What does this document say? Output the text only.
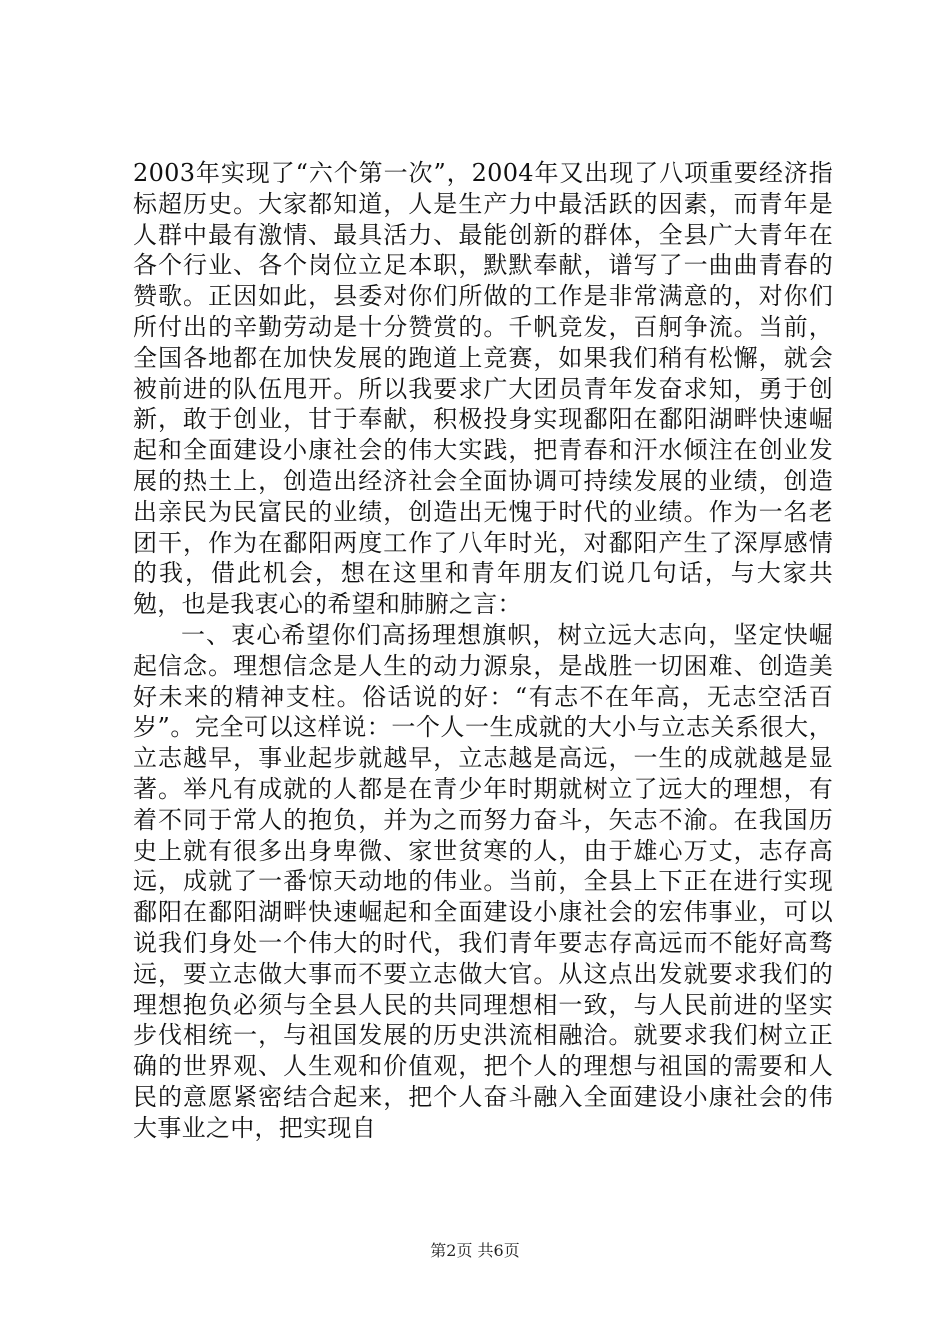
2003年实现了“六个第一次”，2004年又出现了八项重要经济指标超历史。大家都知道，人是生产力中最活跃的因素，而青年是人群中最有激情、最具活力、最能创新的群体，全县广大青年在各个行业、各个岗位立足本职，默默奉献，谱写了一曲曲青春的赞歌。正因如此，县委对你们所做的工作是非常满意的，对你们所付出的辛勤劳动是十分赞赏的。千帆竞发，百舸争流。当前，全国各地都在加快发展的跑道上竞赛，如果我们稍有松懈，就会被前进的队伍甩开。所以我要求广大团员青年发奋求知，勇于创新，敢于创业，甘于奉献，积极投身实现鄱阳在鄱阳湖畔快速崛起和全面建设小康社会的伟大实践，把青春和汗水倾注在创业发展的热土上，创造出经济社会全面协调可持续发展的业绩，创造出亲民为民富民的业绩，创造出无愧于时代的业绩。作为一名老团干，作为在鄱阳两度工作了八年时光，对鄱阳产生了深厚感情的我，借此机会，想在这里和青年朋友们说几句话，与大家共勉，也是我衷心的希望和肺腑之言：

一、衷心希望你们高扬理想旗帜，树立远大志向，坚定快崛起信念。理想信念是人生的动力源泉，是战胜一切困难、创造美好未来的精神支柱。俗话说的好：“有志不在年高，无志空活百岁”。完全可以这样说：一个人一生成就的大小与立志关系很大，立志越早，事业起步就越早，立志越是高远，一生的成就越是显著。举凡有成就的人都是在青少年时期就树立了远大的理想，有着不同于常人的抱负，并为之而努力奋斗，矢志不渝。在我国历史上就有很多出身卑微、家世贫寒的人，由于雄心万丈，志存高远，成就了一番惊天动地的伟业。当前，全县上下正在进行实现鄱阳在鄱阳湖畔快速崛起和全面建设小康社会的宏伟事业，可以说我们身处一个伟大的时代，我们青年要志存高远而不能好高骛远，要立志做大事而不要立志做大官。从这点出发就要求我们的理想抱负必须与全县人民的共同理想相一致，与人民前进的坚实步伐相统一，与祖国发展的历史洪流相融洽。就要求我们树立正确的世界观、人生观和价值观，把个人的理想与祖国的需要和人民的意愿紧密结合起来，把个人奋斗融入全面建设小康社会的伟大事业之中，把实现自

第2页 共6页
